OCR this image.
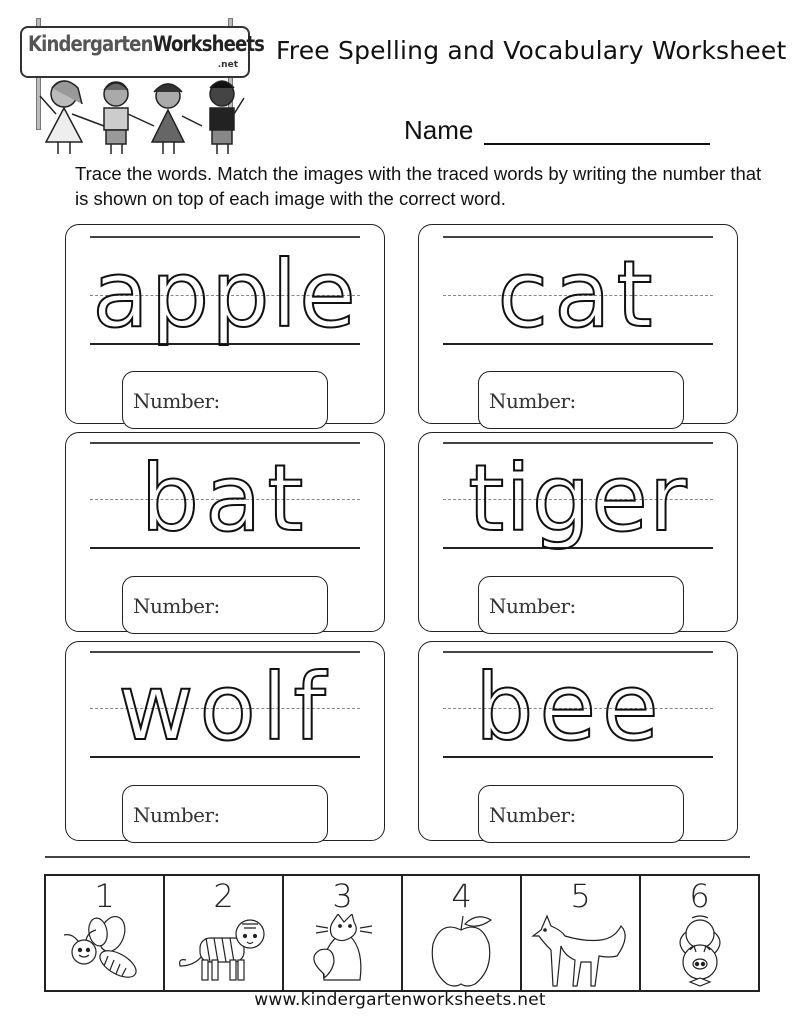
KindergartenWorksheets
.net Free Spelling and Vocabulary Worksheet
Name
Trace the words. Match the images with the traced words by writing the number that is shown on top of each image with the correct word.
apple
Number:
cat
Number:
bat
Number:
tiger
Number:
wolf
Number:
bee
Number:
1	2	3	4	5	6
www.kindergartenworksheets.net
